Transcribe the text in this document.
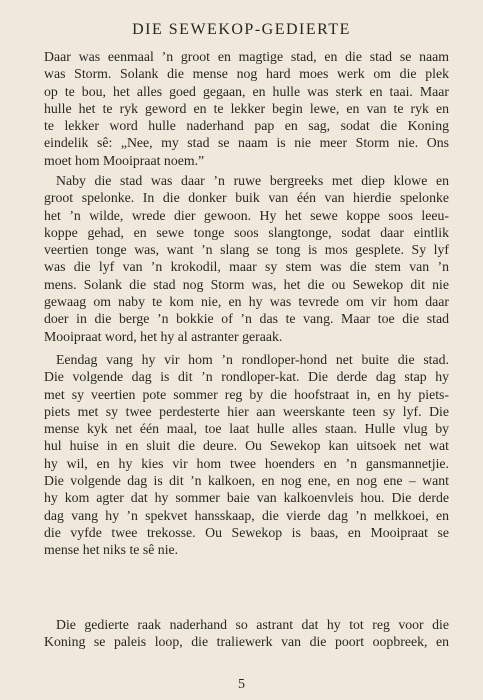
DIE SEWEKOP-GEDIERTE
Daar was eenmaal ’n groot en magtige stad, en die stad se naam
was Storm. Solank die mense nog hard moes werk om die plek
op te bou, het alles goed gegaan, en hulle was sterk en taai. Maar
hulle het te ryk geword en te lekker begin lewe, en van te ryk en
te lekker word hulle naderhand pap en sag, sodat die Koning
eindelik sê: „Nee, my stad se naam is nie meer Storm nie. Ons
moet hom Mooipraat noem.”
Naby die stad was daar ’n ruwe bergreeks met diep klowe en
groot spelonke. In die donker buik van één van hierdie spelonke
het ’n wilde, wrede dier gewoon. Hy het sewe koppe soos leeu-
koppe gehad, en sewe tonge soos slangtonge, sodat daar eintlik
veertien tonge was, want ’n slang se tong is mos gesplete. Sy lyf
was die lyf van ’n krokodil, maar sy stem was die stem van ’n
mens. Solank die stad nog Storm was, het die ou Sewekop dit nie
gewaag om naby te kom nie, en hy was tevrede om vir hom daar
doer in die berge ’n bokkie of ’n das te vang. Maar toe die stad
Mooipraat word, het hy al astranter geraak.
Eendag vang hy vir hom ’n rondloper-hond net buite die stad.
Die volgende dag is dit ’n rondloper-kat. Die derde dag stap hy
met sy veertien pote sommer reg by die hoofstraat in, en hy piets-
piets met sy twee perdesterte hier aan weerskante teen sy lyf. Die
mense kyk net één maal, toe laat hulle alles staan. Hulle vlug by
hul huise in en sluit die deure. Ou Sewekop kan uitsoek net wat
hy wil, en hy kies vir hom twee hoenders en ’n gansmannetjie.
Die volgende dag is dit ’n kalkoen, en nog ene, en nog ene – want
hy kom agter dat hy sommer baie van kalkoenvleis hou. Die derde
dag vang hy ’n spekvet hansskaap, die vierde dag ’n melkkoei, en
die vyfde twee trekosse. Ou Sewekop is baas, en Mooipraat se
mense het niks te sê nie.
Die gedierte raak naderhand so astrant dat hy tot reg voor die
Koning se paleis loop, die traliewerk van die poort oopbreek, en
5
